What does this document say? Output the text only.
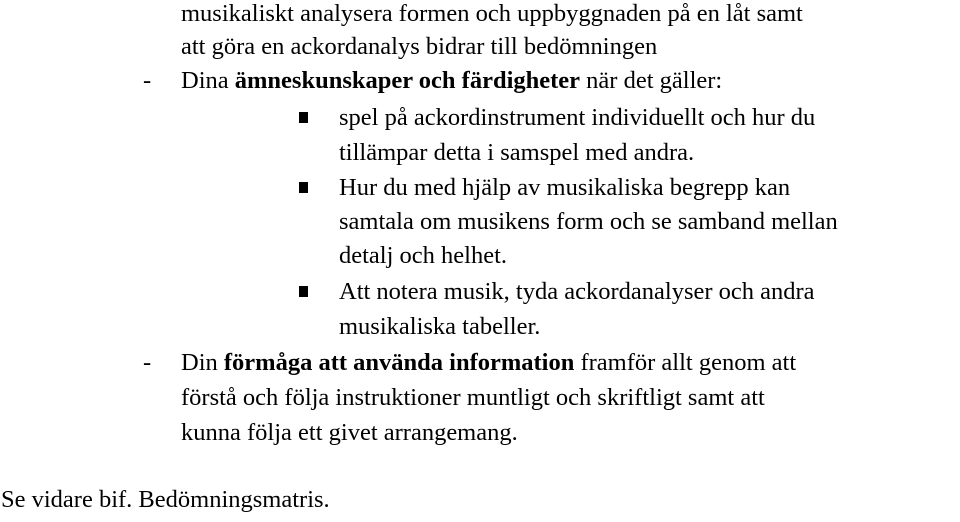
musikaliskt analysera formen och uppbyggnaden på en låt samt
att göra en ackordanalys bidrar till bedömningen
- Dina ämneskunskaper och färdigheter när det gäller:
spel på ackordinstrument individuellt och hur du
tillämpar detta i samspel med andra.
Hur du med hjälp av musikaliska begrepp kan
samtala om musikens form och se samband mellan
detalj och helhet.
Att notera musik, tyda ackordanalyser och andra
musikaliska tabeller.
- Din förmåga att använda information framför allt genom att
förstå och följa instruktioner muntligt och skriftligt samt att
kunna följa ett givet arrangemang.
Se vidare bif. Bedömningsmatris.
